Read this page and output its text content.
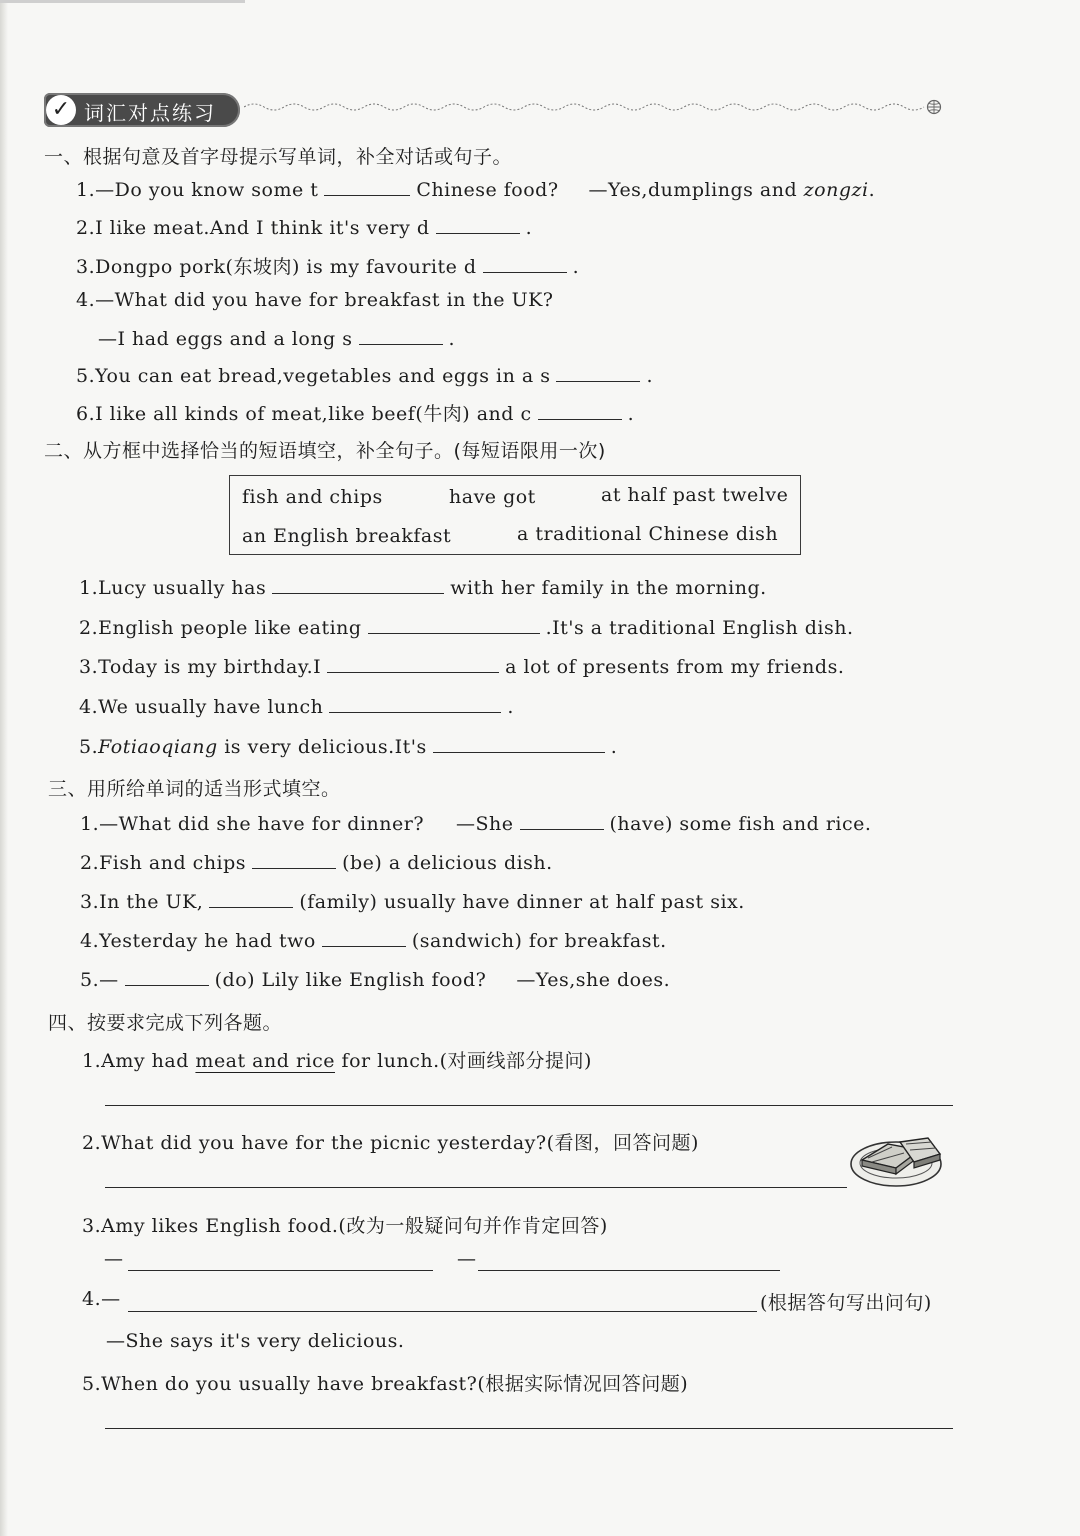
✓ 词汇对点练习
一、根据句意及首字母提示写单词，补全对话或句子。
1.—Do you know some t	Chinese food? —Yes,dumplings and zongzi.
2.I like meat.And I think it's very d	.
3.Dongpo pork(东坡肉) is my favourite d	.
4.—What did you have for breakfast in the UK?
—I had eggs and a long s	.
5.You can eat bread,vegetables and eggs in a s	.
6.I like all kinds of meat,like beef(牛肉) and c	.
二、从方框中选择恰当的短语填空，补全句子。(每短语限用一次)
fish and chips	have got	at half past twelve
an English breakfast	a traditional Chinese dish
1.Lucy usually has	with her family in the morning.
2.English people like eating	.It's a traditional English dish.
3.Today is my birthday.I	a lot of presents from my friends.
4.We usually have lunch	.
5.Fotiaoqiang is very delicious.It's	.
三、用所给单词的适当形式填空。
1.—What did she have for dinner? —She	(have) some fish and rice.
2.Fish and chips	(be) a delicious dish.
3.In the UK,	(family) usually have dinner at half past six.
4.Yesterday he had two	(sandwich) for breakfast.
5.—	(do) Lily like English food? —Yes,she does.
四、按要求完成下列各题。
1.Amy had meat and rice for lunch.(对画线部分提问)
2.What did you have for the picnic yesterday?(看图，回答问题)
3.Amy likes English food.(改为一般疑问句并作肯定回答)
—	—
4.—	(根据答句写出问句)
—She says it's very delicious.
5.When do you usually have breakfast?(根据实际情况回答问题)
